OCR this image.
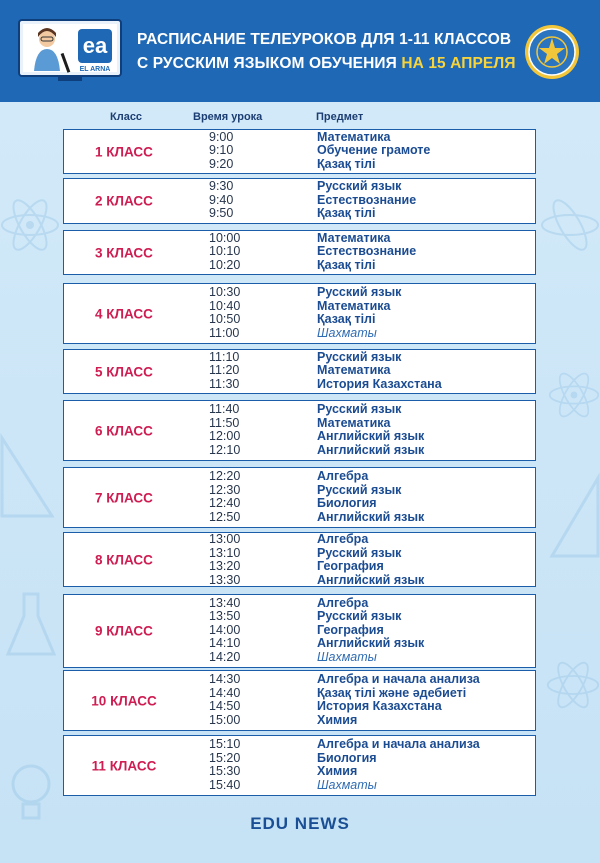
ea
EL ARNA
РАСПИСАНИЕ ТЕЛЕУРОКОВ ДЛЯ 1-11 КЛАССОВ
С РУССКИМ ЯЗЫКОМ ОБУЧЕНИЯ НА 15 АПРЕЛЯ
Класс	Время урока	Предмет
1 КЛАСС
9:00
9:10
9:20
Математика
Обучение грамоте
Қазақ тілі
2 КЛАСС
9:30
9:40
9:50
Русский язык
Естествознание
Қазақ тілі
3 КЛАСС
10:00
10:10
10:20
Математика
Естествознание
Қазақ тілі
4 КЛАСС
10:30
10:40
10:50
11:00
Русский язык
Математика
Қазақ тілі
Шахматы
5 КЛАСС
11:10
11:20
11:30
Русский язык
Математика
История Казахстана
6 КЛАСС
11:40
11:50
12:00
12:10
Русский язык
Математика
Английский язык
Английский язык
7 КЛАСС
12:20
12:30
12:40
12:50
Алгебра
Русский язык
Биология
Английский язык
8 КЛАСС
13:00
13:10
13:20
13:30
Алгебра
Русский язык
География
Английский язык
9 КЛАСС
13:40
13:50
14:00
14:10
14:20
Алгебра
Русский язык
География
Английский язык
Шахматы
10 КЛАСС
14:30
14:40
14:50
15:00
Алгебра и начала анализа
Қазақ тілі және әдебиеті
История Казахстана
Химия
11 КЛАСС
15:10
15:20
15:30
15:40
Алгебра и начала анализа
Биология
Химия
Шахматы
EDU NEWS
